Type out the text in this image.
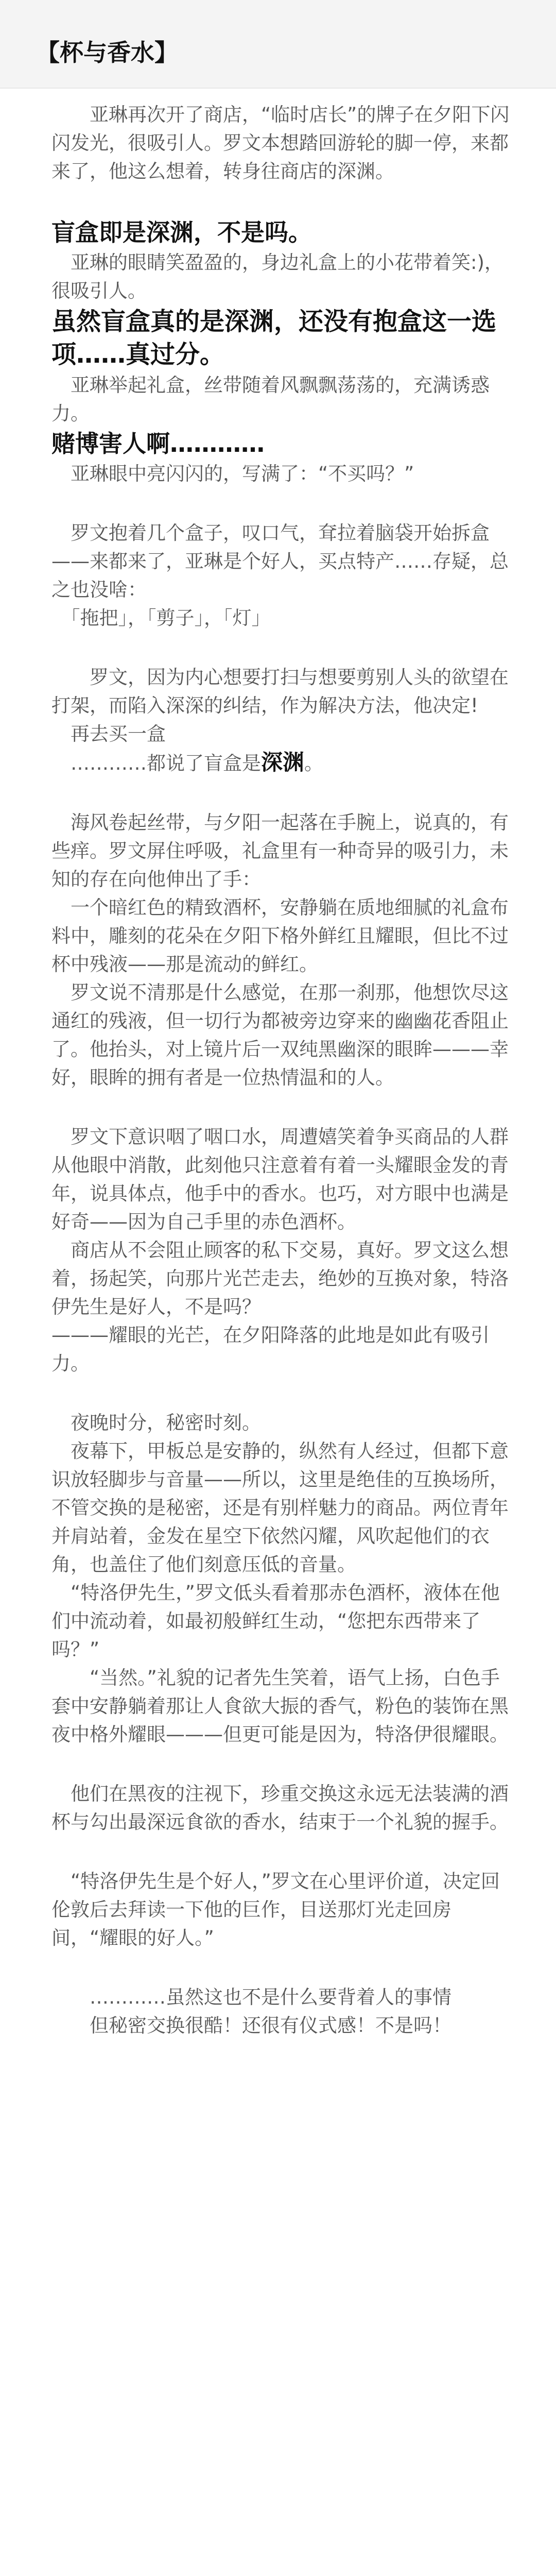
【杯与香水】

　　亚琳再次开了商店，“临时店长”的牌子在夕阳下闪闪发光，很吸引人。罗文本想踏回游轮的脚一停，来都来了，他这么想着，转身往商店的深渊。

盲盒即是深渊，不是吗。

　亚琳的眼睛笑盈盈的，身边礼盒上的小花带着笑:)，很吸引人。

虽然盲盒真的是深渊，还没有抱盒这一选项……真过分。

　亚琳举起礼盒，丝带随着风飘飘荡荡的，充满诱惑力。

赌博害人啊…………

　亚琳眼中亮闪闪的，写满了：“不买吗？”

　罗文抱着几个盒子，叹口气，耷拉着脑袋开始拆盒——来都来了，亚琳是个好人，买点特产……存疑，总之也没啥：

　「拖把」，「剪子」，「灯」

　　罗文，因为内心想要打扫与想要剪别人头的欲望在打架，而陷入深深的纠结，作为解决方法，他决定!

　再去买一盒

　…………都说了盲盒是深渊。

　海风卷起丝带，与夕阳一起落在手腕上，说真的，有些痒。罗文屏住呼吸，礼盒里有一种奇异的吸引力，未知的存在向他伸出了手：

　一个暗红色的精致酒杯，安静躺在质地细腻的礼盒布料中，雕刻的花朵在夕阳下格外鲜红且耀眼，但比不过杯中残液——那是流动的鲜红。

　罗文说不清那是什么感觉，在那一刹那，他想饮尽这通红的残液，但一切行为都被旁边穿来的幽幽花香阻止了。他抬头，对上镜片后一双纯黑幽深的眼眸———幸好，眼眸的拥有者是一位热情温和的人。

　罗文下意识咽了咽口水，周遭嬉笑着争买商品的人群从他眼中消散，此刻他只注意着有着一头耀眼金发的青年，说具体点，他手中的香水。也巧，对方眼中也满是好奇——因为自己手里的赤色酒杯。

　商店从不会阻止顾客的私下交易，真好。罗文这么想着，扬起笑，向那片光芒走去，绝妙的互换对象，特洛伊先生是好人，不是吗？

———耀眼的光芒，在夕阳降落的此地是如此有吸引力。

　夜晚时分，秘密时刻。

　夜幕下，甲板总是安静的，纵然有人经过，但都下意识放轻脚步与音量——所以，这里是绝佳的互换场所，不管交换的是秘密，还是有别样魅力的商品。两位青年并肩站着，金发在星空下依然闪耀，风吹起他们的衣角，也盖住了他们刻意压低的音量。

　“特洛伊先生，”罗文低头看着那赤色酒杯，液体在他们中流动着，如最初般鲜红生动，“您把东西带来了吗？”

　　“当然。”礼貌的记者先生笑着，语气上扬，白色手套中安静躺着那让人食欲大振的香气，粉色的装饰在黑夜中格外耀眼———但更可能是因为，特洛伊很耀眼。

　他们在黑夜的注视下，珍重交换这永远无法装满的酒杯与勾出最深远食欲的香水，结束于一个礼貌的握手。

　“特洛伊先生是个好人，”罗文在心里评价道，决定回伦敦后去拜读一下他的巨作，目送那灯光走回房间，“耀眼的好人。”

　　…………虽然这也不是什么要背着人的事情
　　但秘密交换很酷！还很有仪式感！不是吗！
